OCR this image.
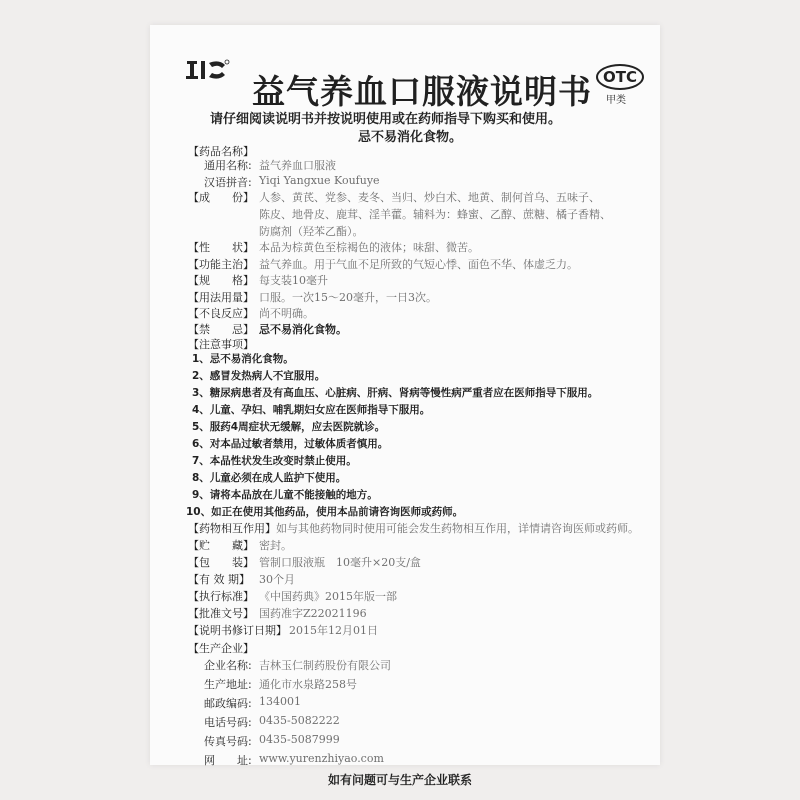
益气养血口服液说明书 OTC
甲类
请仔细阅读说明书并按说明使用或在药师指导下购买和使用。
忌不易消化食物。
【 药品名称 】
通用名称: 益气养血口服液
汉语拼音: Yiqi Yangxue Koufuye
【 成　　份 】	人参、黄芪、党参、麦冬、当归、炒白术、地黄、制何首乌、五味子、
陈皮、地骨皮、鹿茸、淫羊藿。辅料为：蜂蜜、乙醇、蔗糖、橘子香精、
防腐剂（羟苯乙酯）。
【 性　　状 】	本品为棕黄色至棕褐色的液体；味甜、微苦。
【 功能主治 】	益气养血。用于气血不足所致的气短心悸、面色不华、体虚乏力。
【 规　　格 】	每支装10毫升
【 用法用量 】	口服。一次15～20毫升，一日3次。
【 不良反应 】	尚不明确。
【 禁　　忌 】	忌不易消化食物。
【 注意事项 】
1、忌不易消化食物。
2、感冒发热病人不宜服用。
3、糖尿病患者及有高血压、心脏病、肝病、肾病等慢性病严重者应在医师指导下服用。
4、儿童、孕妇、哺乳期妇女应在医师指导下服用。
5、服药4周症状无缓解，应去医院就诊。
6、对本品过敏者禁用，过敏体质者慎用。
7、本品性状发生改变时禁止使用。
8、儿童必须在成人监护下使用。
9、请将本品放在儿童不能接触的地方。
10、如正在使用其他药品，使用本品前请咨询医师或药师。
【 药物相互作用 】	如与其他药物同时使用可能会发生药物相互作用，详情请咨询医师或药师。
【 贮　　藏 】	密封。
【 包　　装 】	管制口服液瓶　10毫升×20支/盒
【 有 效 期 】	30个月
【 执行标准 】	《中国药典》2015年版一部
【 批准文号 】	国药准字Z22021196
【 说明书修订日期 】	2015年12月01日
【 生产企业 】
企业名称: 吉林玉仁制药股份有限公司
生产地址: 通化市水泉路258号
邮政编码: 134001
电话号码: 0435-5082222
传真号码: 0435-5087999
网　　址: www.yurenzhiyao.com
如有问题可与生产企业联系
